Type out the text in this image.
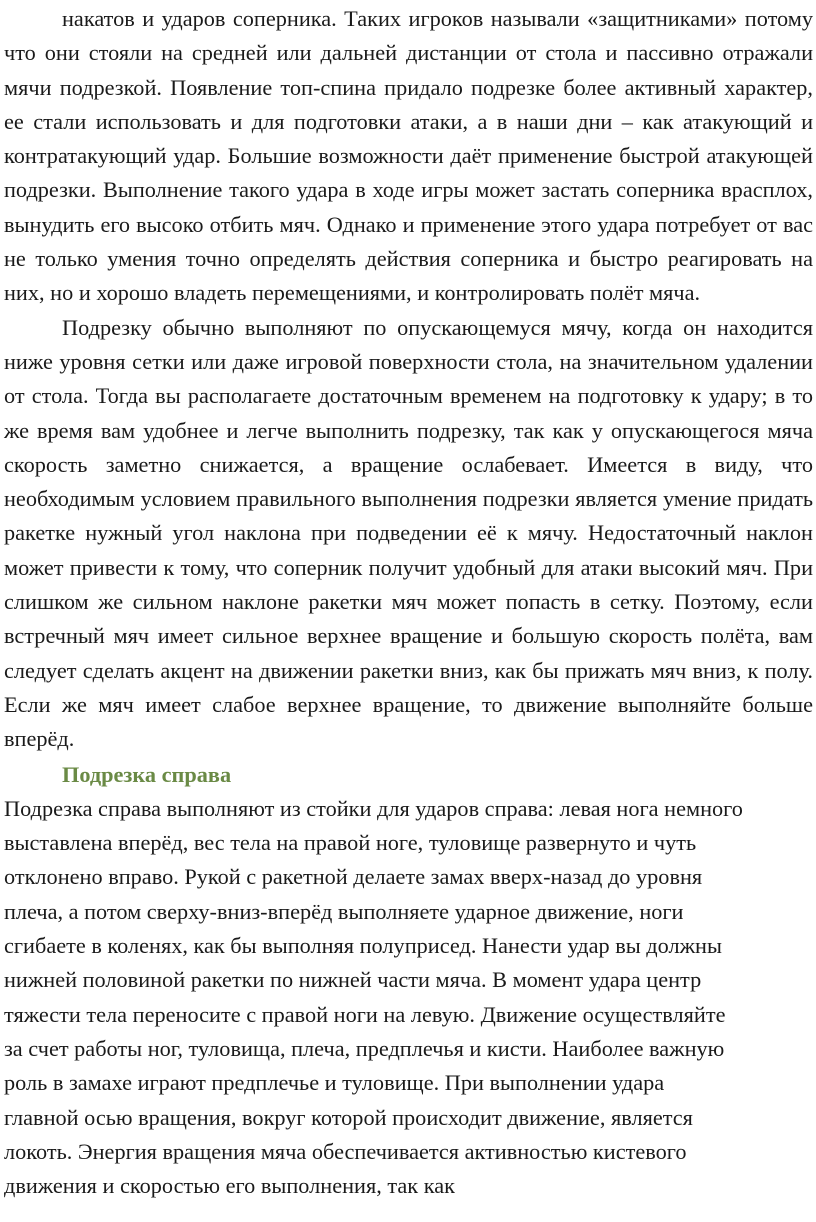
накатов и ударов соперника. Таких игроков называли «защитниками» потому что они стояли на средней или дальней дистанции от стола и пассивно отражали мячи подрезкой. Появление топ-спина придало подрезке более активный характер, ее стали использовать и для подготовки атаки, а в наши дни – как атакующий и контратакующий удар. Большие возможности даёт применение быстрой атакующей подрезки. Выполнение такого удара в ходе игры может застать соперника врасплох, вынудить его высоко отбить мяч. Однако и применение этого удара потребует от вас не только умения точно определять действия соперника и быстро реагировать на них, но и хорошо владеть перемещениями, и контролировать полёт мяча.

Подрезку обычно выполняют по опускающемуся мячу, когда он находится ниже уровня сетки или даже игровой поверхности стола, на значительном удалении от стола. Тогда вы располагаете достаточным временем на подготовку к удару; в то же время вам удобнее и легче выполнить подрезку, так как у опускающегося мяча скорость заметно снижается, а вращение ослабевает. Имеется в виду, что необходимым условием правильного выполнения подрезки является умение придать ракетке нужный угол наклона при подведении её к мячу. Недостаточный наклон может привести к тому, что соперник получит удобный для атаки высокий мяч. При слишком же сильном наклоне ракетки мяч может попасть в сетку. Поэтому, если встречный мяч имеет сильное верхнее вращение и большую скорость полёта, вам следует сделать акцент на движении ракетки вниз, как бы прижать мяч вниз, к полу. Если же мяч имеет слабое верхнее вращение, то движение выполняйте больше вперёд.

Подрезка справа
Подрезка справа выполняют из стойки для ударов справа: левая нога немного
выставлена вперёд, вес тела на правой ноге, туловище развернуто и чуть
отклонено вправо. Рукой с ракетной делаете замах вверх-назад до уровня
плеча, а потом сверху-вниз-вперёд выполняете ударное движение, ноги
сгибаете в коленях, как бы выполняя полуприсед. Нанести удар вы должны
нижней половиной ракетки по нижней части мяча. В момент удара центр
тяжести тела переносите с правой ноги на левую. Движение осуществляйте
за счет работы ног, туловища, плеча, предплечья и кисти. Наиболее важную
роль в замахе играют предплечье и туловище. При выполнении удара
главной осью вращения, вокруг которой происходит движение, является
локоть. Энергия вращения мяча обеспечивается активностью кистевого
движения и скоростью его выполнения, так как
